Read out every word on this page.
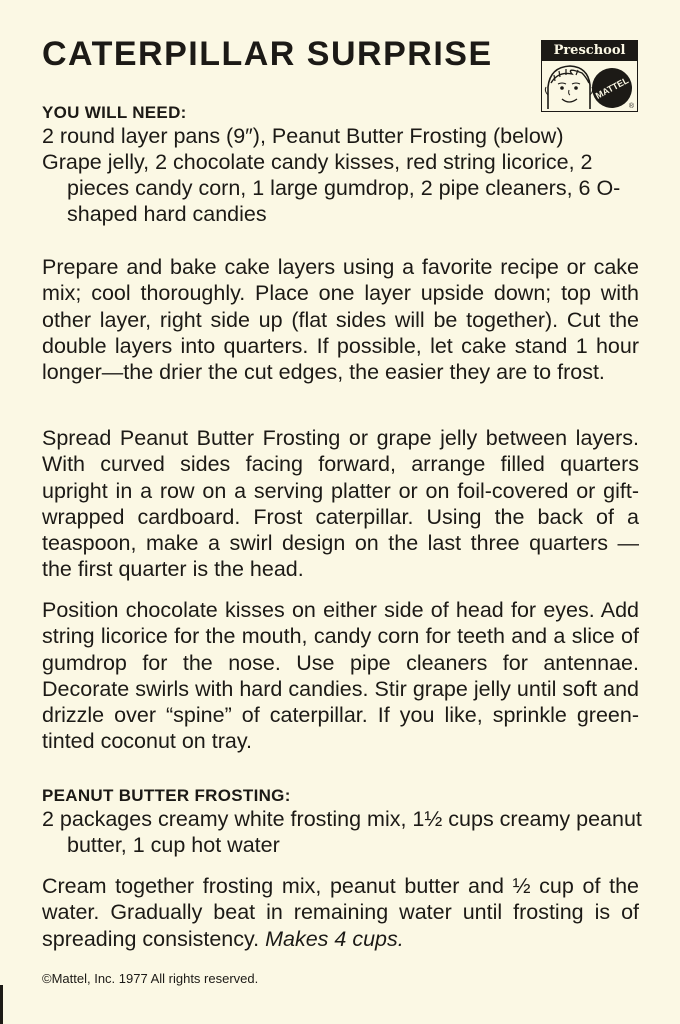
CATERPILLAR SURPRISE	Preschool
MATTEL
®
YOU WILL NEED:

2 round layer pans (9″), Peanut Butter Frosting (below)

Grape jelly, 2 chocolate candy kisses, red string licorice, 2 pieces candy corn, 1 large gumdrop, 2 pipe cleaners, 6 O-shaped hard candies

Prepare and bake cake layers using a favorite recipe or cake mix; cool thoroughly. Place one layer upside down; top with other layer, right side up (flat sides will be together). Cut the double layers into quarters. If possible, let cake stand 1 hour longer—the drier the cut edges, the easier they are to frost.

Spread Peanut Butter Frosting or grape jelly between layers. With curved sides facing forward, arrange filled quarters upright in a row on a serving platter or on foil-covered or gift-wrapped cardboard. Frost caterpillar. Using the back of a teaspoon, make a swirl design on the last three quarters — the first quarter is the head.

Position chocolate kisses on either side of head for eyes. Add string licorice for the mouth, candy corn for teeth and a slice of gumdrop for the nose. Use pipe cleaners for antennae. Decorate swirls with hard candies. Stir grape jelly until soft and drizzle over “spine” of caterpillar. If you like, sprinkle green-tinted coconut on tray.

PEANUT BUTTER FROSTING:

2 packages creamy white frosting mix, 1½ cups creamy peanut butter, 1 cup hot water

Cream together frosting mix, peanut butter and ½ cup of the water. Gradually beat in remaining water until frosting is of spreading consistency. Makes 4 cups.

©Mattel, Inc. 1977 All rights reserved.
